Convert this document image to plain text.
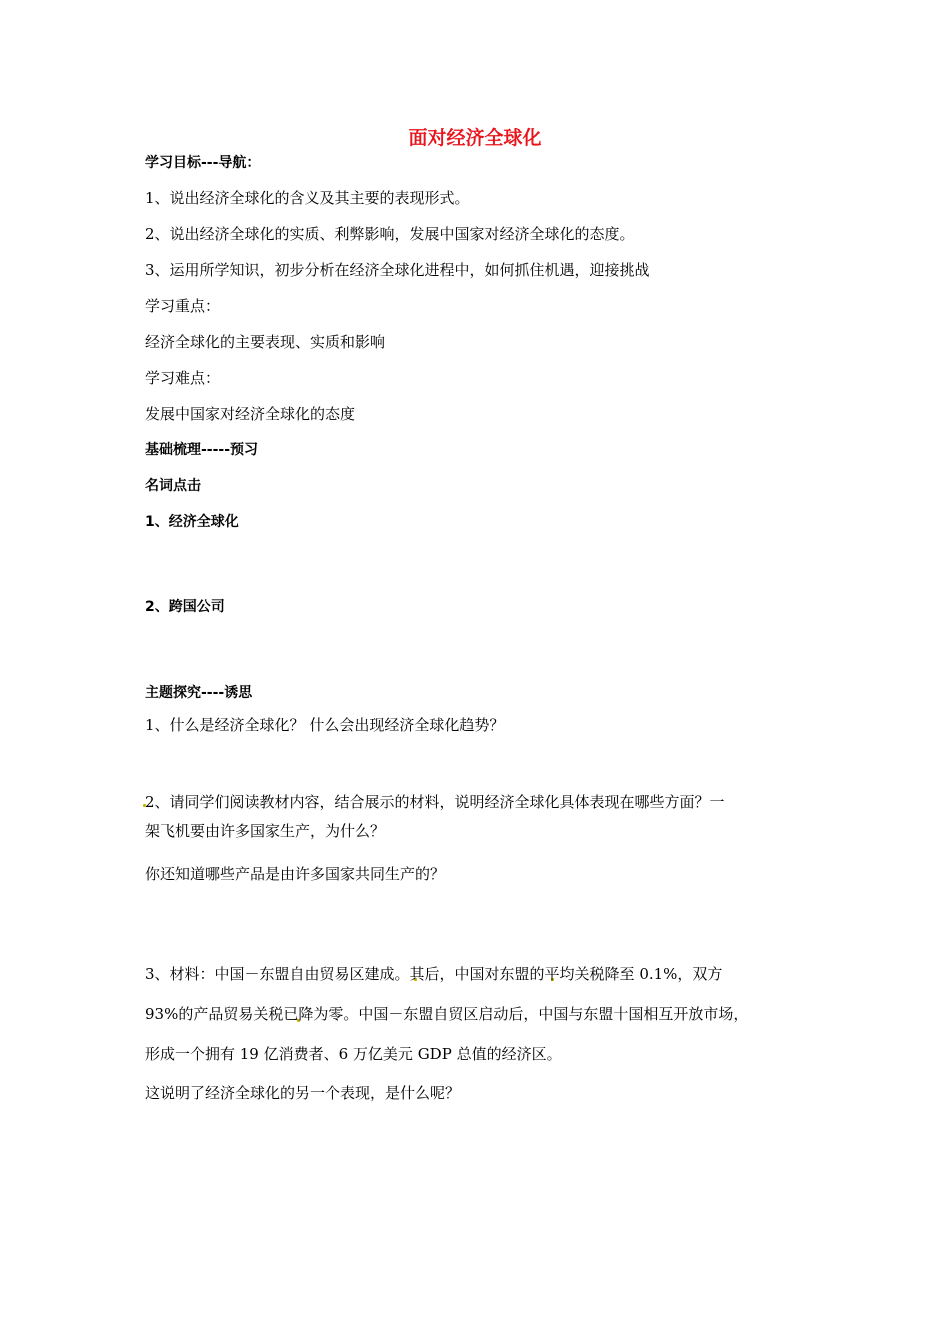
面对经济全球化
学习目标---导航：
1、说出经济全球化的含义及其主要的表现形式。
2、说出经济全球化的实质、利弊影响，发展中国家对经济全球化的态度。
3、运用所学知识，初步分析在经济全球化进程中，如何抓住机遇，迎接挑战
学习重点：
经济全球化的主要表现、实质和影响
学习难点：
发展中国家对经济全球化的态度
基础梳理-----预习
名词点击
1、经济全球化
2、跨国公司
主题探究----诱思
1、什么是经济全球化？ 什么会出现经济全球化趋势？
2、请同学们阅读教材内容，结合展示的材料，说明经济全球化具体表现在哪些方面？一
架飞机要由许多国家生产，为什么？
你还知道哪些产品是由许多国家共同生产的？
3、材料：中国－东盟自由贸易区建成。其后，中国对东盟的平均关税降至 0.1%，双方
93%的产品贸易关税已降为零。中国－东盟自贸区启动后，中国与东盟十国相互开放市场，
形成一个拥有 19 亿消费者、6 万亿美元 GDP 总值的经济区。
这说明了经济全球化的另一个表现，是什么呢？
